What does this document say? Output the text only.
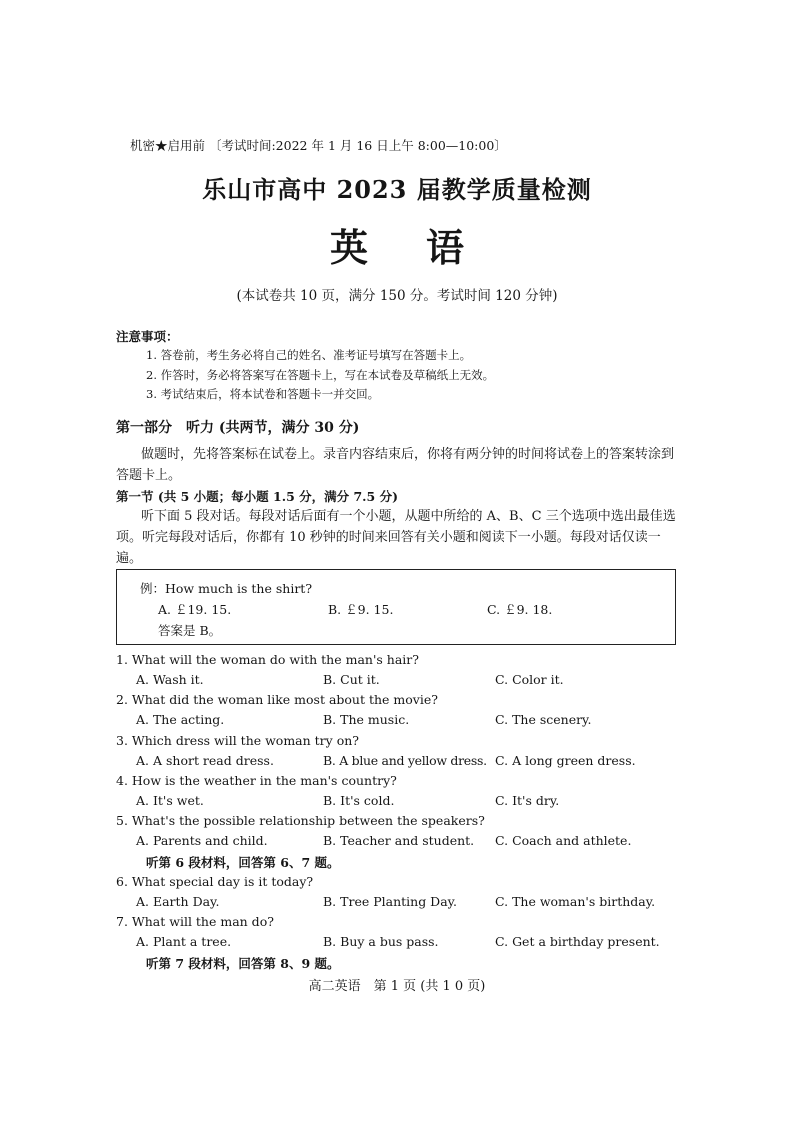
机密★启用前 〔考试时间:2022 年 1 月 16 日上午 8:00—10:00〕
乐山市高中 2023 届教学质量检测
英语
(本试卷共 10 页，满分 150 分。考试时间 120 分钟)
注意事项：
1. 答卷前，考生务必将自己的姓名、准考证号填写在答题卡上。
2. 作答时，务必将答案写在答题卡上，写在本试卷及草稿纸上无效。
3. 考试结束后，将本试卷和答题卡一并交回。
第一部分　听力 (共两节，满分 30 分)
做题时，先将答案标在试卷上。录音内容结束后，你将有两分钟的时间将试卷上的答案转涂到答题卡上。
第一节 (共 5 小题；每小题 1.5 分，满分 7.5 分)
听下面 5 段对话。每段对话后面有一个小题，从题中所给的 A、B、C 三个选项中选出最佳选项。听完每段对话后，你都有 10 秒钟的时间来回答有关小题和阅读下一小题。每段对话仅读一遍。
例：How much is the shirt?
A. ￡19. 15.	B. ￡9. 15.	C. ￡9. 18.
答案是 B。
1. What will the woman do with the man's hair?
A. Wash it.	B. Cut it.	C. Color it.
2. What did the woman like most about the movie?
A. The acting.	B. The music.	C. The scenery.
3. Which dress will the woman try on?
A. A short read dress.	B. A blue and yellow dress. C. A long green dress.
4. How is the weather in the man's country?
A. It's wet.	B. It's cold.	C. It's dry.
5. What's the possible relationship between the speakers?
A. Parents and child.	B. Teacher and student. C. Coach and athlete.
听第 6 段材料，回答第 6、7 题。
6. What special day is it today?
A. Earth Day.	B. Tree Planting Day.	C. The woman's birthday.
7. What will the man do?
A. Plant a tree.	B. Buy a bus pass.	C. Get a birthday present.
听第 7 段材料，回答第 8、9 题。
高二英语　第 1 页 (共 1 0 页)
